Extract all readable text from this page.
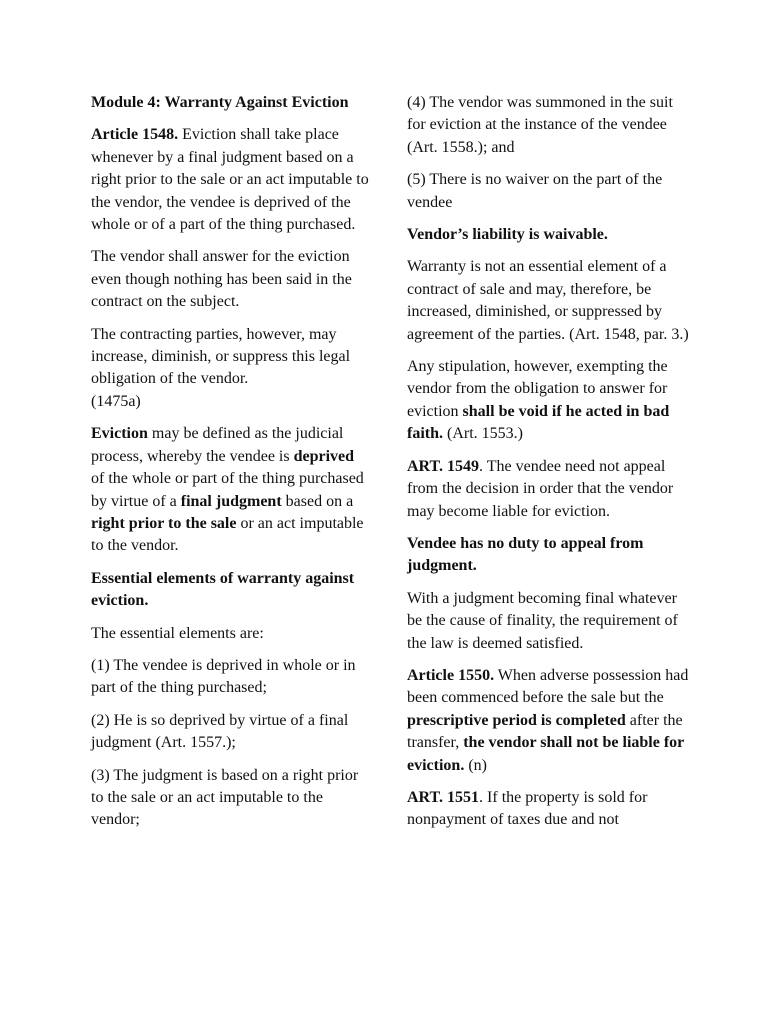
Module 4: Warranty Against Eviction

Article 1548. Eviction shall take place whenever by a final judgment based on a right prior to the sale or an act imputable to the vendor, the vendee is deprived of the whole or of a part of the thing purchased.

The vendor shall answer for the eviction even though nothing has been said in the contract on the subject.

The contracting parties, however, may increase, diminish, or suppress this legal obligation of the vendor.
(1475a)

Eviction may be defined as the judicial process, whereby the vendee is deprived of the whole or part of the thing purchased by virtue of a final judgment based on a right prior to the sale or an act imputable to the vendor.

Essential elements of warranty against eviction.

The essential elements are:

(1) The vendee is deprived in whole or in part of the thing purchased;

(2) He is so deprived by virtue of a final judgment (Art. 1557.);

(3) The judgment is based on a right prior to the sale or an act imputable to the vendor;

(4) The vendor was summoned in the suit for eviction at the instance of the vendee (Art. 1558.); and

(5) There is no waiver on the part of the vendee

Vendor’s liability is waivable.

Warranty is not an essential element of a contract of sale and may, therefore, be increased, diminished, or suppressed by agreement of the parties. (Art. 1548, par. 3.)

Any stipulation, however, exempting the vendor from the obligation to answer for eviction shall be void if he acted in bad faith. (Art. 1553.)

ART. 1549. The vendee need not appeal from the decision in order that the vendor may become liable for eviction.

Vendee has no duty to appeal from judgment.

With a judgment becoming final whatever be the cause of finality, the requirement of the law is deemed satisfied.

Article 1550. When adverse possession had been commenced before the sale but the prescriptive period is completed after the transfer, the vendor shall not be liable for eviction. (n)

ART. 1551. If the property is sold for nonpayment of taxes due and not
